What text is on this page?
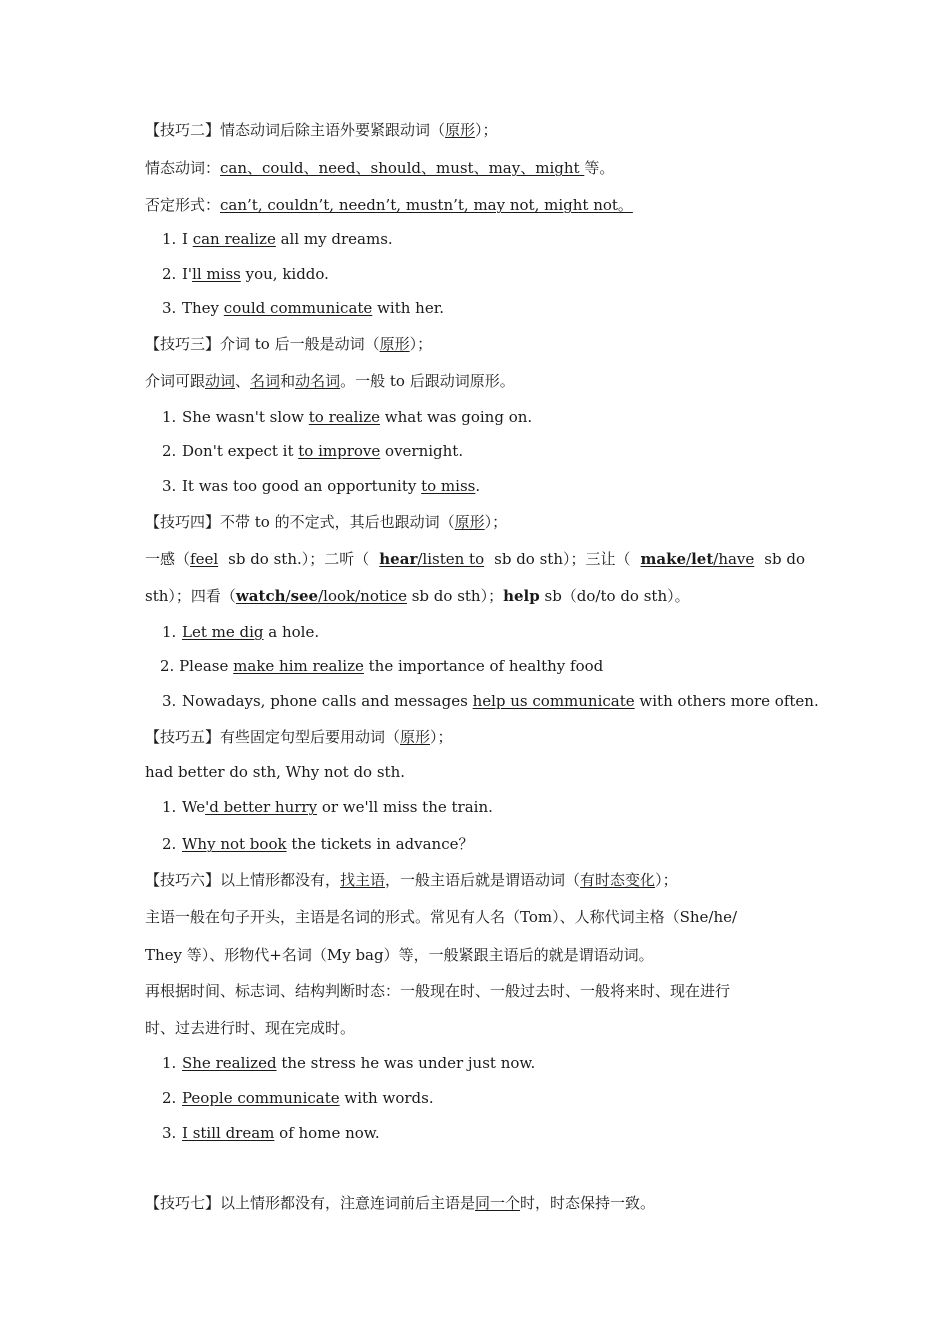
【技巧二】情态动词后除主语外要紧跟动词（原形）；
情态动词：can、could、need、should、must、may、might 等。
否定形式：can’t, couldn’t, needn’t, mustn’t, may not, might not。
1. I can realize all my dreams.
2. I'll miss you, kiddo.
3. They could communicate with her.
【技巧三】介词 to 后一般是动词（原形）；
介词可跟动词、名词和动名词。一般 to 后跟动词原形。
1. She wasn't slow to realize what was going on.
2. Don't expect it to improve overnight.
3. It was too good an opportunity to miss.
【技巧四】不带 to 的不定式，其后也跟动词（原形）；
一感（feel sb do sth.）；二听（ hear/listen to sb do sth）；三让（ make/let/have sb do
sth）；四看（watch/see/look/notice sb do sth）；help sb（do/to do sth）。
1. Let me dig a hole.
2. Please make him realize the importance of healthy food
3. Nowadays, phone calls and messages help us communicate with others more often.
【技巧五】有些固定句型后要用动词（原形）；
had better do sth, Why not do sth.
1. We'd better hurry or we'll miss the train.
2. Why not book the tickets in advance？
【技巧六】以上情形都没有，找主语，一般主语后就是谓语动词（有时态变化）；
主语一般在句子开头，主语是名词的形式。常见有人名（Tom）、人称代词主格（She/he/
They 等）、形物代+名词（My bag）等，一般紧跟主语后的就是谓语动词。
再根据时间、标志词、结构判断时态：一般现在时、一般过去时、一般将来时、现在进行
时、过去进行时、现在完成时。
1. She realized the stress he was under just now.
2. People communicate with words.
3. I still dream of home now.
【技巧七】以上情形都没有，注意连词前后主语是同一个时，时态保持一致。
